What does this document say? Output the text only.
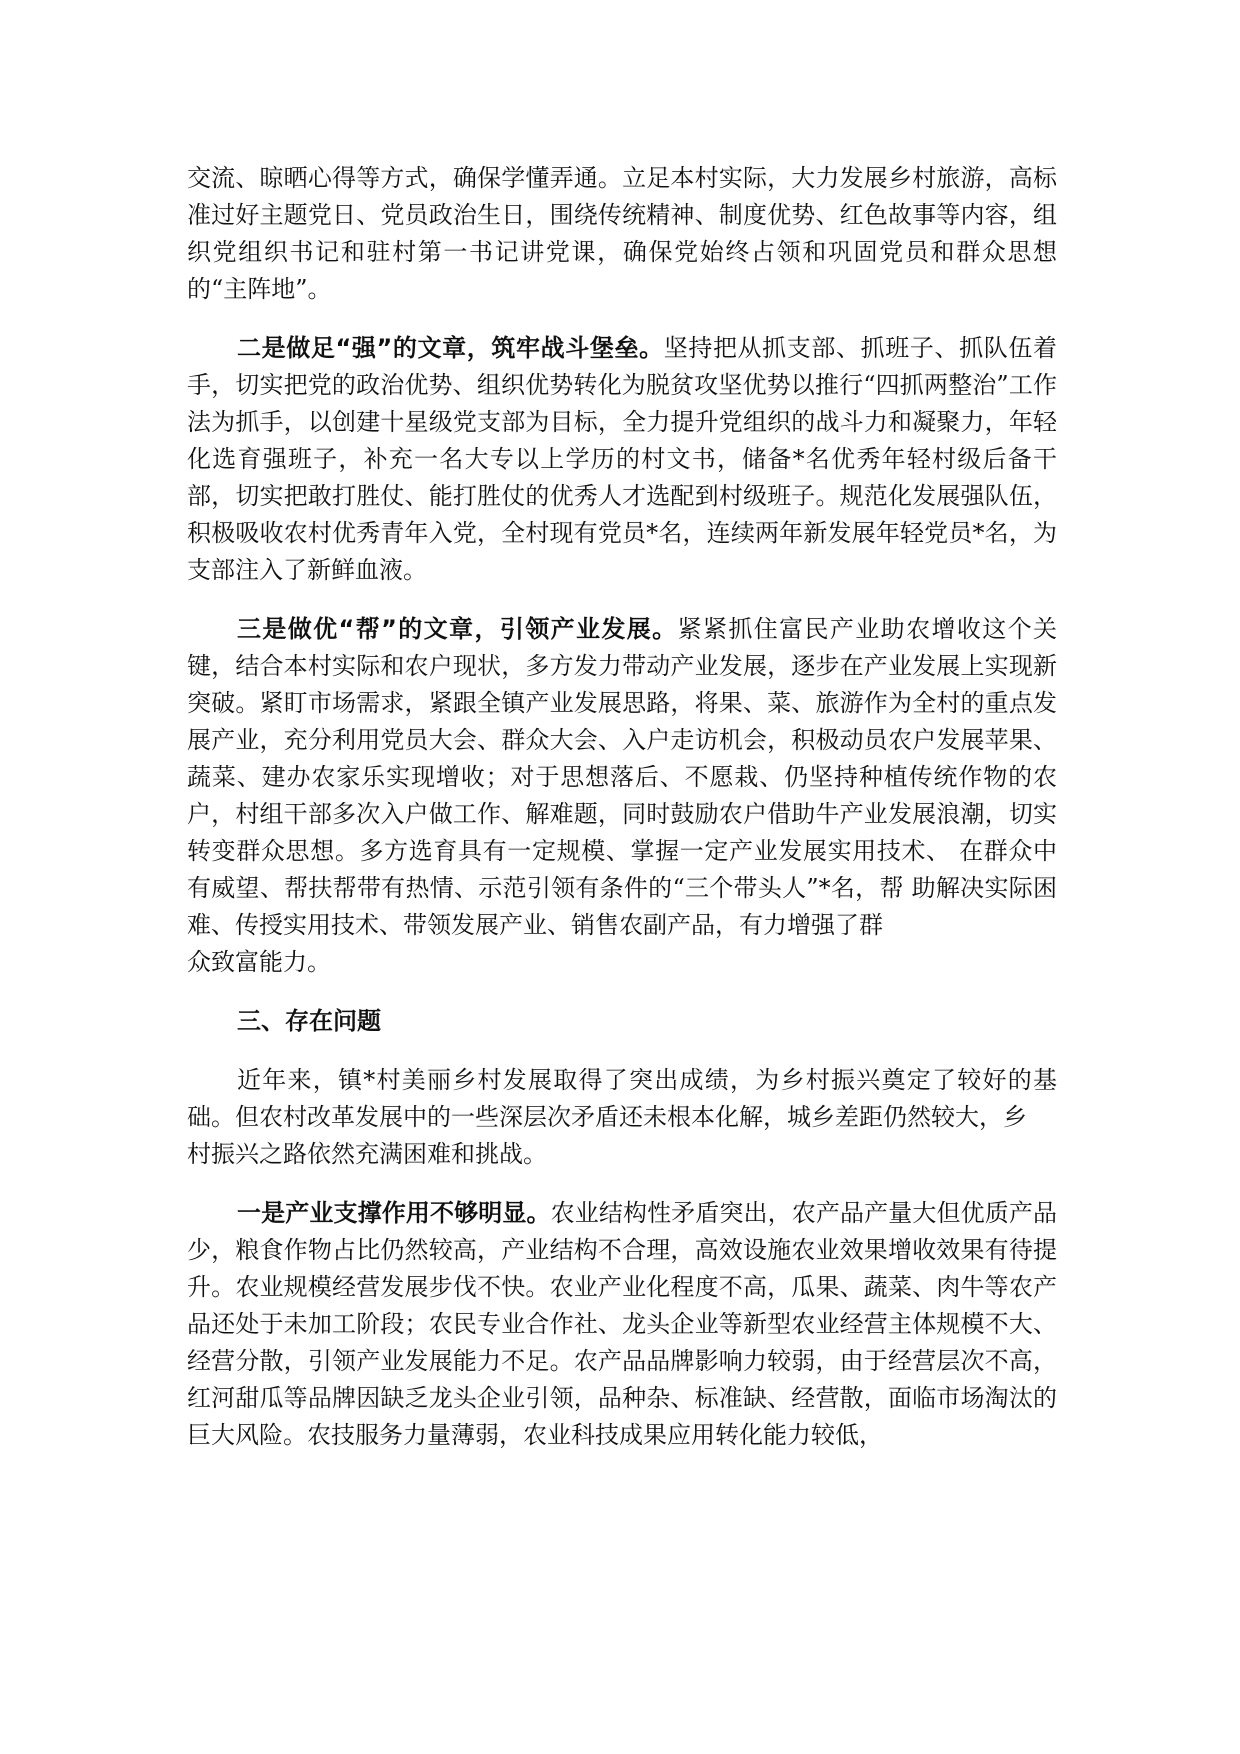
交流、晾晒心得等方式，确保学懂弄通。立足本村实际，大力发展乡村旅游，高标准过好主题党日、党员政治生日，围绕传统精神、制度优势、红色故事等内容，组织党组织书记和驻村第一书记讲党课，确保党始终占领和巩固党员和群众思想的“主阵地”。

二是做足“强”的文章，筑牢战斗堡垒。坚持把从抓支部、抓班子、抓队伍着手，切实把党的政治优势、组织优势转化为脱贫攻坚优势以推行“四抓两整治”工作法为抓手，以创建十星级党支部为目标，全力提升党组织的战斗力和凝聚力，年轻化选育强班子，补充一名大专以上学历的村文书，储备*名优秀年轻村级后备干部，切实把敢打胜仗、能打胜仗的优秀人才选配到村级班子。规范化发展强队伍，积极吸收农村优秀青年入党，全村现有党员*名，连续两年新发展年轻党员*名，为支部注入了新鲜血液。

三是做优“帮”的文章，引领产业发展。紧紧抓住富民产业助农增收这个关键，结合本村实际和农户现状，多方发力带动产业发展，逐步在产业发展上实现新突破。紧盯市场需求，紧跟全镇产业发展思路，将果、菜、旅游作为全村的重点发展产业，充分利用党员大会、群众大会、入户走访机会，积极动员农户发展苹果、蔬菜、建办农家乐实现增收；对于思想落后、不愿栽、仍坚持种植传统作物的农户，村组干部多次入户做工作、解难题，同时鼓励农户借助牛产业发展浪潮，切实转变群众思想。多方选育具有一定规模、掌握一定产业发展实用技术、 在群众中有威望、帮扶帮带有热情、示范引领有条件的“三个带头人”*名，帮 助解决实际困难、传授实用技术、带领发展产业、销售农副产品，有力增强了群

众致富能力。

三、存在问题

近年来，镇*村美丽乡村发展取得了突出成绩，为乡村振兴奠定了较好的基础。但农村改革发展中的一些深层次矛盾还未根本化解，城乡差距仍然较大，乡

村振兴之路依然充满困难和挑战。

一是产业支撑作用不够明显。农业结构性矛盾突出，农产品产量大但优质产品少，粮食作物占比仍然较高，产业结构不合理，高效设施农业效果增收效果有待提升。农业规模经营发展步伐不快。农业产业化程度不高，瓜果、蔬菜、肉牛等农产品还处于未加工阶段；农民专业合作社、龙头企业等新型农业经营主体规模不大、经营分散，引领产业发展能力不足。农产品品牌影响力较弱，由于经营层次不高，红河甜瓜等品牌因缺乏龙头企业引领，品种杂、标准缺、经营散，面临市场淘汰的巨大风险。农技服务力量薄弱，农业科技成果应用转化能力较低，
